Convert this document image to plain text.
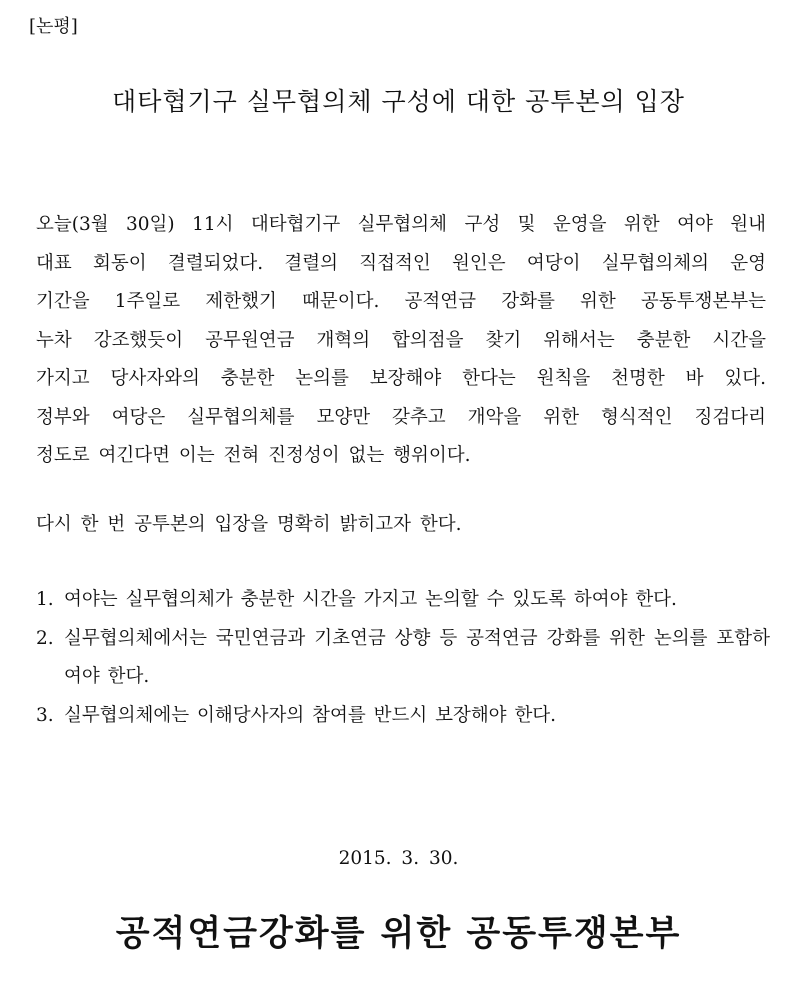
[논평]
대타협기구 실무협의체 구성에 대한 공투본의 입장
오늘(3월 30일) 11시 대타협기구 실무협의체 구성 및 운영을 위한 여야 원내
대표 회동이 결렬되었다. 결렬의 직접적인 원인은 여당이 실무협의체의 운영
기간을 1주일로 제한했기 때문이다. 공적연금 강화를 위한 공동투쟁본부는
누차 강조했듯이 공무원연금 개혁의 합의점을 찾기 위해서는 충분한 시간을
가지고 당사자와의 충분한 논의를 보장해야 한다는 원칙을 천명한 바 있다.
정부와 여당은 실무협의체를 모양만 갖추고 개악을 위한 형식적인 징검다리
정도로 여긴다면 이는 전혀 진정성이 없는 행위이다.
다시 한 번 공투본의 입장을 명확히 밝히고자 한다.
1. 여야는 실무협의체가 충분한 시간을 가지고 논의할 수 있도록 하여야 한다.
2. 실무협의체에서는 국민연금과 기초연금 상향 등 공적연금 강화를 위한 논의를 포함하여야 한다.
3. 실무협의체에는 이해당사자의 참여를 반드시 보장해야 한다.
2015. 3. 30.
공적연금강화를 위한 공동투쟁본부
